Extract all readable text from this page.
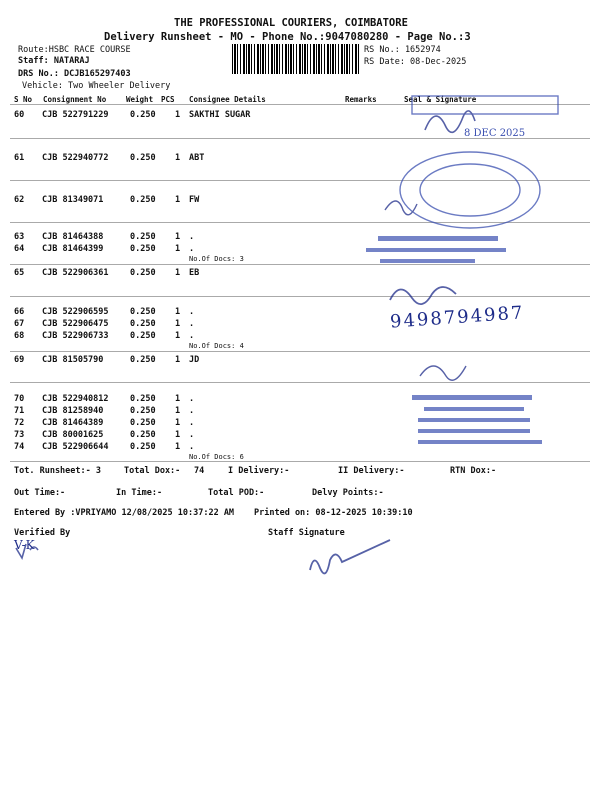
THE PROFESSIONAL COURIERS, COIMBATORE
Delivery Runsheet - MO - Phone No.:9047080280 - Page No.:3
Route:HSBC RACE COURSE
Staff: NATARAJ
DRS No.: DCJB165297403
Vehicle: Two Wheeler Delivery
RS No.: 1652974
RS Date: 08-Dec-2025
S No Consignment No	Weight PCS Consignee Details	Remarks	Seal & Signature
60 CJB 522791229	0.250 1 SAKTHI SUGAR
61 CJB 522940772	0.250 1 ABT
62 CJB 81349071	0.250 1 FW
63 CJB 81464388	0.250 1 .
64 CJB 81464399	0.250 1 .
No.Of Docs: 3
65 CJB 522906361	0.250 1 EB
66 CJB 522906595	0.250 1 .
67 CJB 522906475	0.250 1 .
68 CJB 522906733	0.250 1 .
No.Of Docs: 4
69 CJB 81505790	0.250 1 JD
70 CJB 522940812	0.250 1 .
71 CJB 81258940	0.250 1 .
72 CJB 81464389	0.250 1 .
73 CJB 80001625	0.250 1 .
74 CJB 522906644	0.250 1 .
No.Of Docs: 6
Tot. Runsheet:- 3	Total Dox:- 74	I Delivery:-	II Delivery:-	RTN Dox:-
Out Time:-	In Time:-	Total POD:-	Delvy Points:-
Entered By :VPRIYAMO 12/08/2025 10:37:22 AM Printed on: 08-12-2025 10:39:10
Verified By	Staff Signature
8 DEC 2025
9498794987
V-K
